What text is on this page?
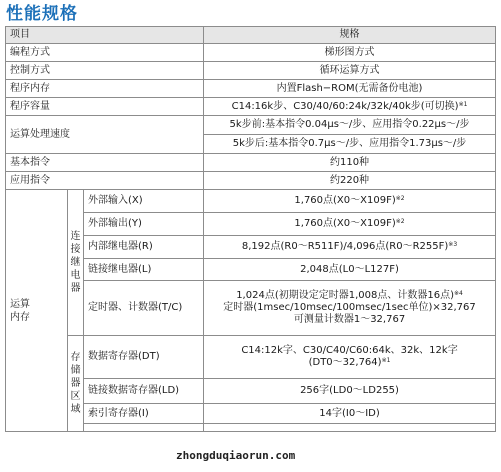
性能规格
项目			规格
编程方式			梯形图方式
控制方式			循环运算方式
程序内存			内置Flash−ROM(无需备份电池)
程序容量			C14:16k步、C30/40/60:24k/32k/40k步(可切换)$^{※1}$
运算处理速度			5k步前:基本指令0.04μs～/步、应用指令0.22μs～/步
			5k步后:基本指令0.7μs～/步、应用指令1.73μs～/步
基本指令			约110种
应用指令			约220种
运算内存	连接继电器	外部输入(X)	1,760点(X0～X109F)$^{※2}$
		外部输出(Y)	1,760点(X0～X109F)$^{※2}$
		内部继电器(R)	8,192点(R0～R511F)/4,096点(R0～R255F)$^{※3}$
		链接继电器(L)	2,048点(L0～L127F)
		定时器、计数器(T/C)	1,024点(初期设定定时器1,008点、计数器16点)$^{※4}$
定时器(1msec/10msec/100msec/1sec单位)×32,767
可测量计数器1～32,767

	存储器区域	数据寄存器(DT)	C14:12k字、C30/C40/C60:64k、32k、12k字
(DT0～32,764)$^{※1}$

		链接数据寄存器(LD)	256字(LD0～LD255)
		索引寄存器(I)	14字(I0～ID)

zhongduqiaorun.com
